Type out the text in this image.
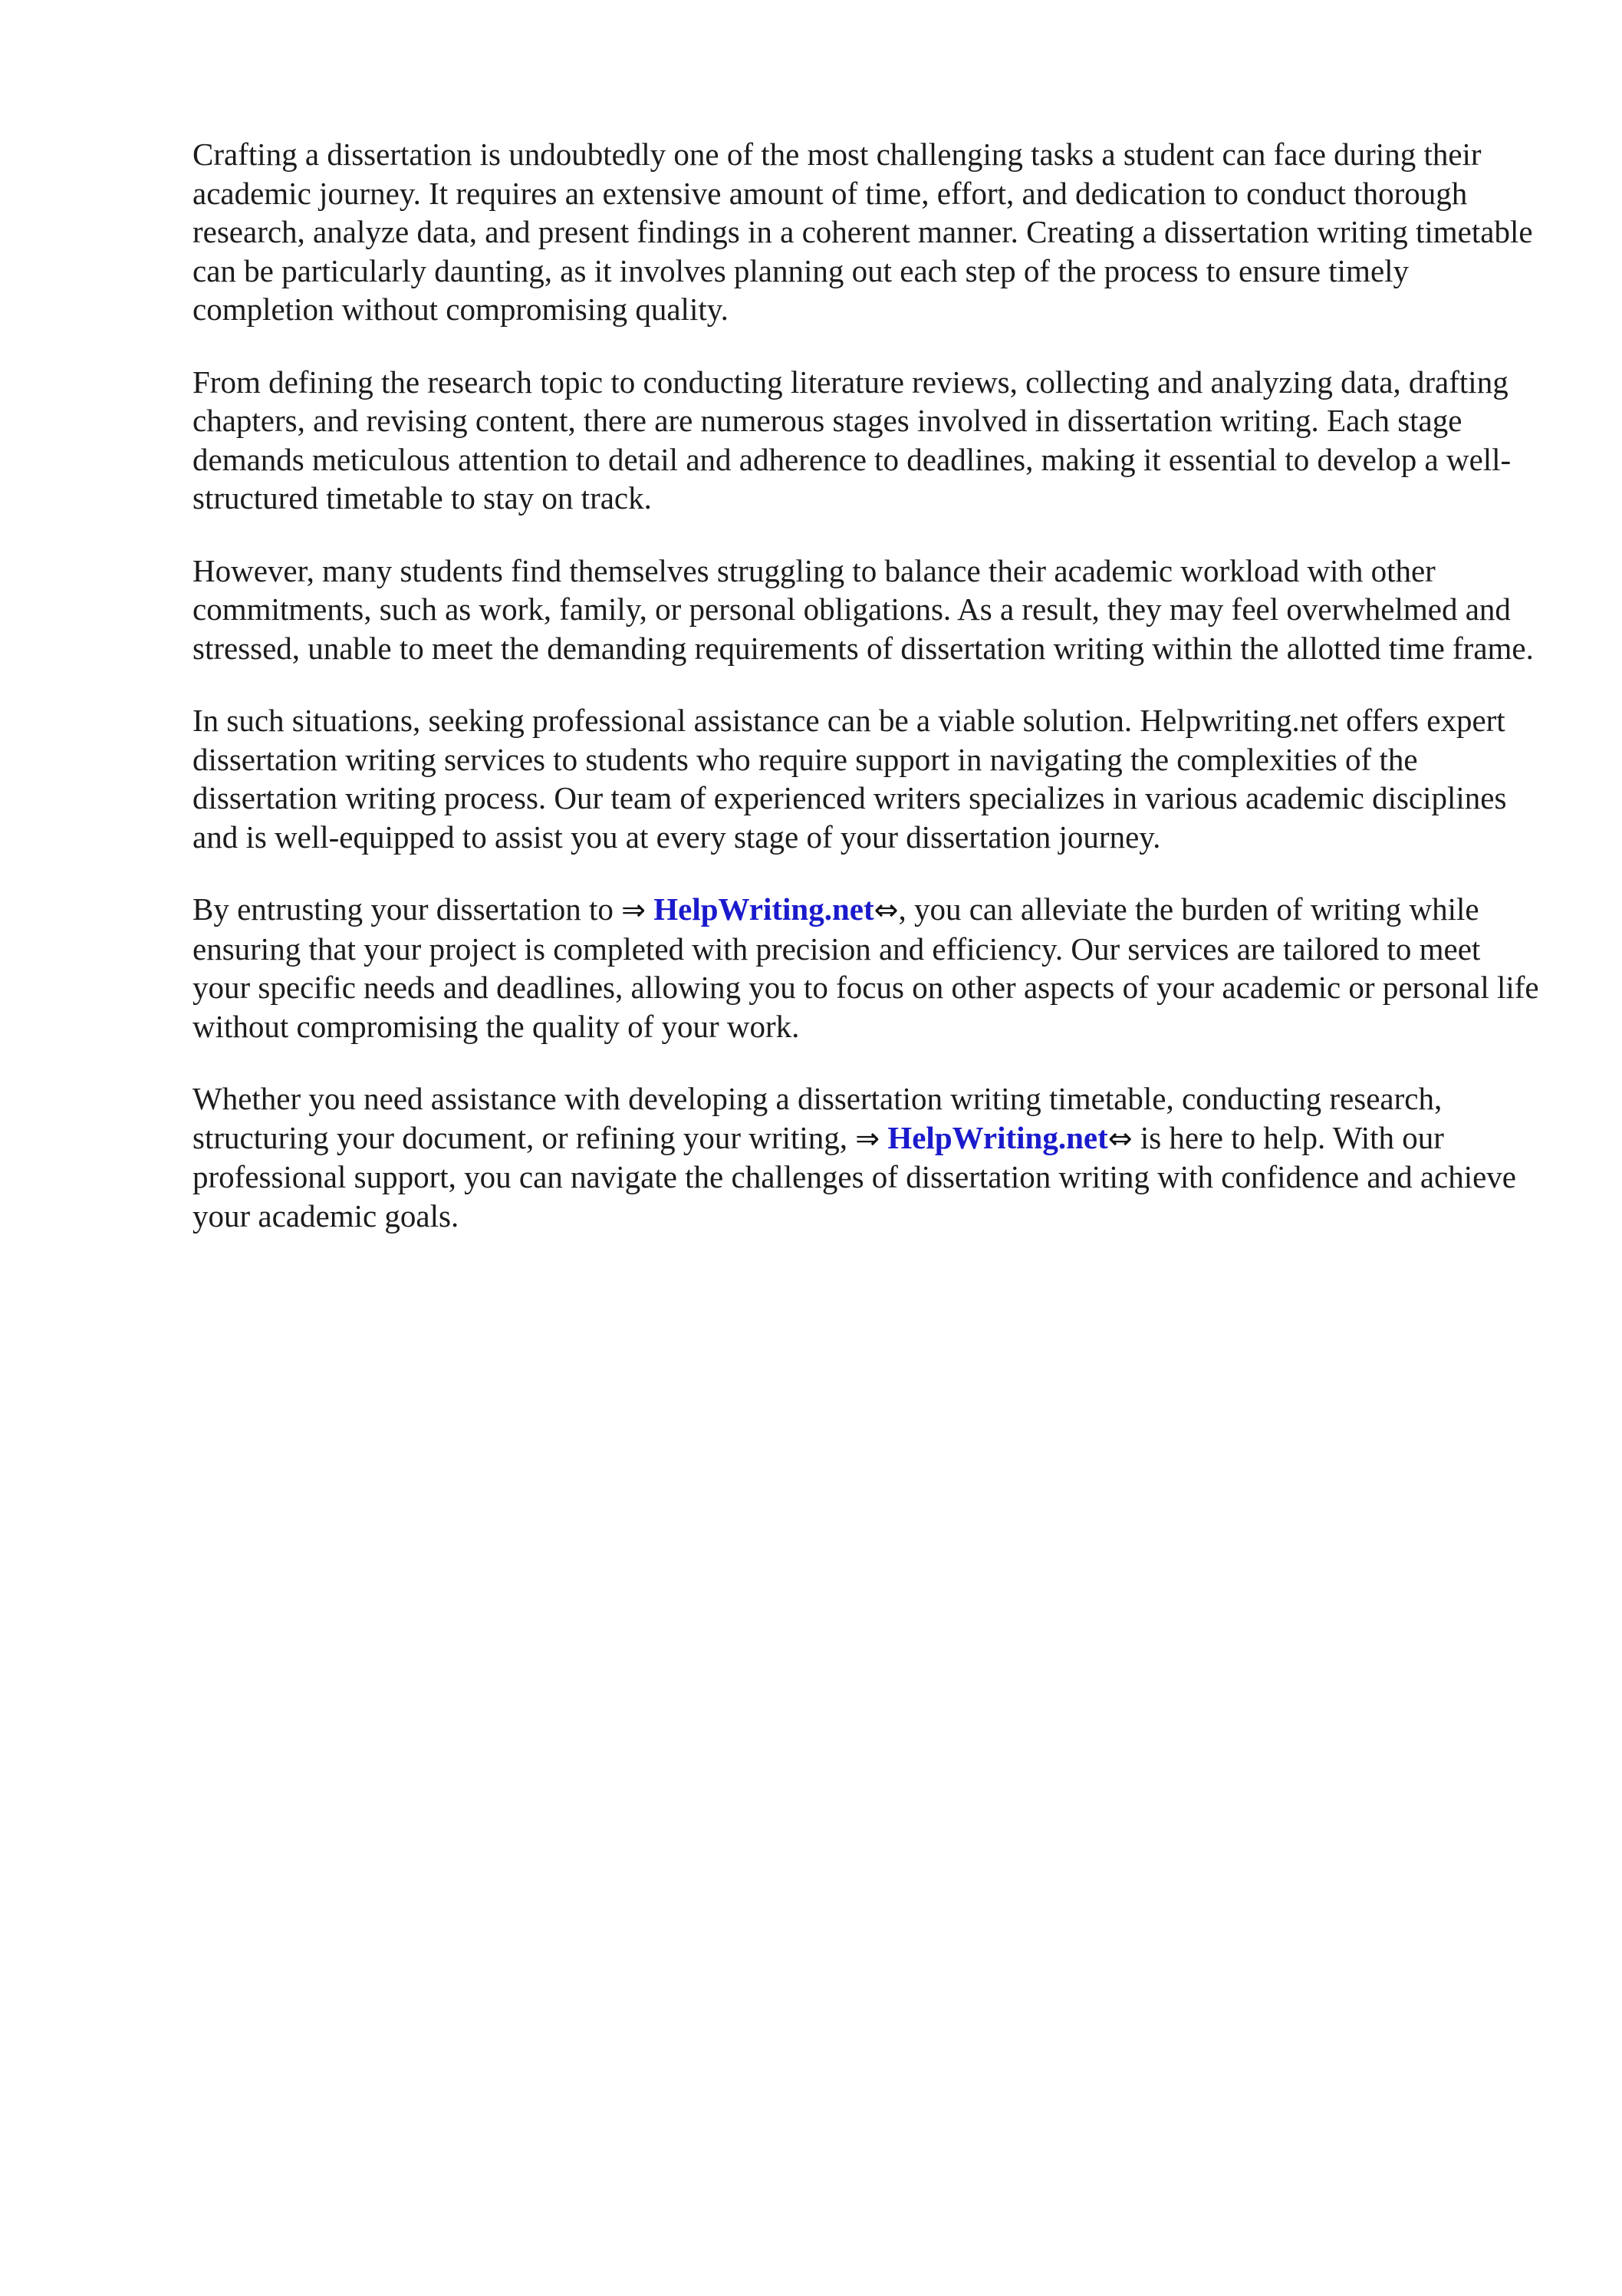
Crafting a dissertation is undoubtedly one of the most challenging tasks a student can face during their academic journey. It requires an extensive amount of time, effort, and dedication to conduct thorough research, analyze data, and present findings in a coherent manner. Creating a dissertation writing timetable can be particularly daunting, as it involves planning out each step of the process to ensure timely completion without compromising quality.

From defining the research topic to conducting literature reviews, collecting and analyzing data, drafting chapters, and revising content, there are numerous stages involved in dissertation writing. Each stage demands meticulous attention to detail and adherence to deadlines, making it essential to develop a well-structured timetable to stay on track.

However, many students find themselves struggling to balance their academic workload with other commitments, such as work, family, or personal obligations. As a result, they may feel overwhelmed and stressed, unable to meet the demanding requirements of dissertation writing within the allotted time frame.

In such situations, seeking professional assistance can be a viable solution. Helpwriting.net offers expert dissertation writing services to students who require support in navigating the complexities of the dissertation writing process. Our team of experienced writers specializes in various academic disciplines and is well-equipped to assist you at every stage of your dissertation journey.

By entrusting your dissertation to ⇒ HelpWriting.net⇔, you can alleviate the burden of writing while ensuring that your project is completed with precision and efficiency. Our services are tailored to meet your specific needs and deadlines, allowing you to focus on other aspects of your academic or personal life without compromising the quality of your work.

Whether you need assistance with developing a dissertation writing timetable, conducting research, structuring your document, or refining your writing, ⇒ HelpWriting.net⇔ is here to help. With our professional support, you can navigate the challenges of dissertation writing with confidence and achieve your academic goals.
